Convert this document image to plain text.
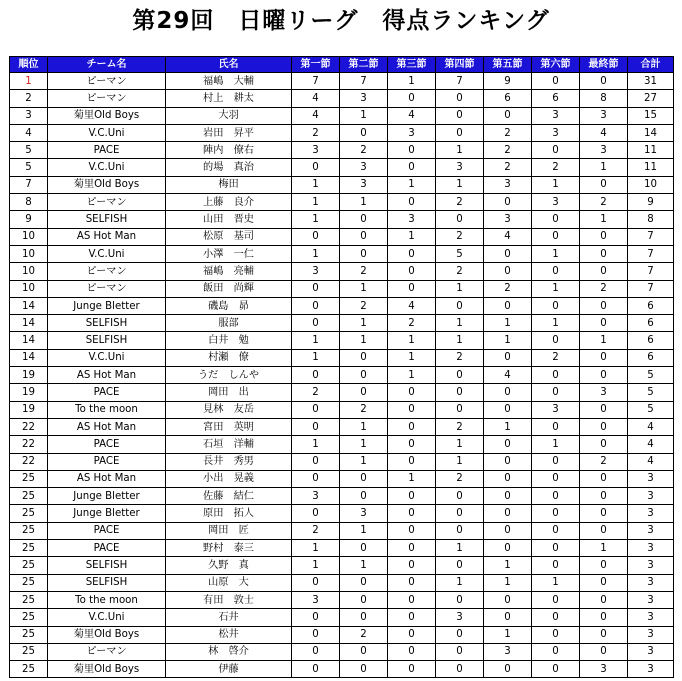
第29回　日曜リーグ　得点ランキング
順位	チーム名	氏名	第一節	第二節	第三節	第四節	第五節	第六節	最終節	合計
1	ピーマン	福嶋　大輔	7	7	1	7	9	0	0	31
2	ピーマン	村上　耕太	4	3	0	0	6	6	8	27
3	菊里Old Boys	大羽	4	1	4	0	0	3	3	15
4	V.C.Uni	岩田　昇平	2	0	3	0	2	3	4	14
5	PACE	陣内　僚右	3	2	0	1	2	0	3	11
5	V.C.Uni	的場　真治	0	3	0	3	2	2	1	11
7	菊里Old Boys	梅田	1	3	1	1	3	1	0	10
8	ピーマン	上藤　良介	1	1	0	2	0	3	2	9
9	SELFISH	山田　晋史	1	0	3	0	3	0	1	8
10	AS Hot Man	松原　基司	0	0	1	2	4	0	0	7
10	V.C.Uni	小澤　一仁	1	0	0	5	0	1	0	7
10	ピーマン	福嶋　亮輔	3	2	0	2	0	0	0	7
10	ピーマン	飯田　尚輝	0	1	0	1	2	1	2	7
14	Junge Bletter	磯島　昴	0	2	4	0	0	0	0	6
14	SELFISH	服部	0	1	2	1	1	1	0	6
14	SELFISH	白井　勉	1	1	1	1	1	0	1	6
14	V.C.Uni	村瀬　僚	1	0	1	2	0	2	0	6
19	AS Hot Man	うだ　しんや	0	0	1	0	4	0	0	5
19	PACE	岡田　出	2	0	0	0	0	0	3	5
19	To the moon	見林　友岳	0	2	0	0	0	3	0	5
22	AS Hot Man	宮田　英明	0	1	0	2	1	0	0	4
22	PACE	石垣　洋輔	1	1	0	1	0	1	0	4
22	PACE	長井　秀男	0	1	0	1	0	0	2	4
25	AS Hot Man	小出　晃義	0	0	1	2	0	0	0	3
25	Junge Bletter	佐藤　結仁	3	0	0	0	0	0	0	3
25	Junge Bletter	原田　拓人	0	3	0	0	0	0	0	3
25	PACE	岡田　匠	2	1	0	0	0	0	0	3
25	PACE	野村　泰三	1	0	0	1	0	0	1	3
25	SELFISH	久野　真	1	1	0	0	1	0	0	3
25	SELFISH	山原　大	0	0	0	1	1	1	0	3
25	To the moon	有田　敦士	3	0	0	0	0	0	0	3
25	V.C.Uni	石井	0	0	0	3	0	0	0	3
25	菊里Old Boys	松井	0	2	0	0	1	0	0	3
25	ピーマン	林　啓介	0	0	0	0	3	0	0	3
25	菊里Old Boys	伊藤	0	0	0	0	0	0	3	3
